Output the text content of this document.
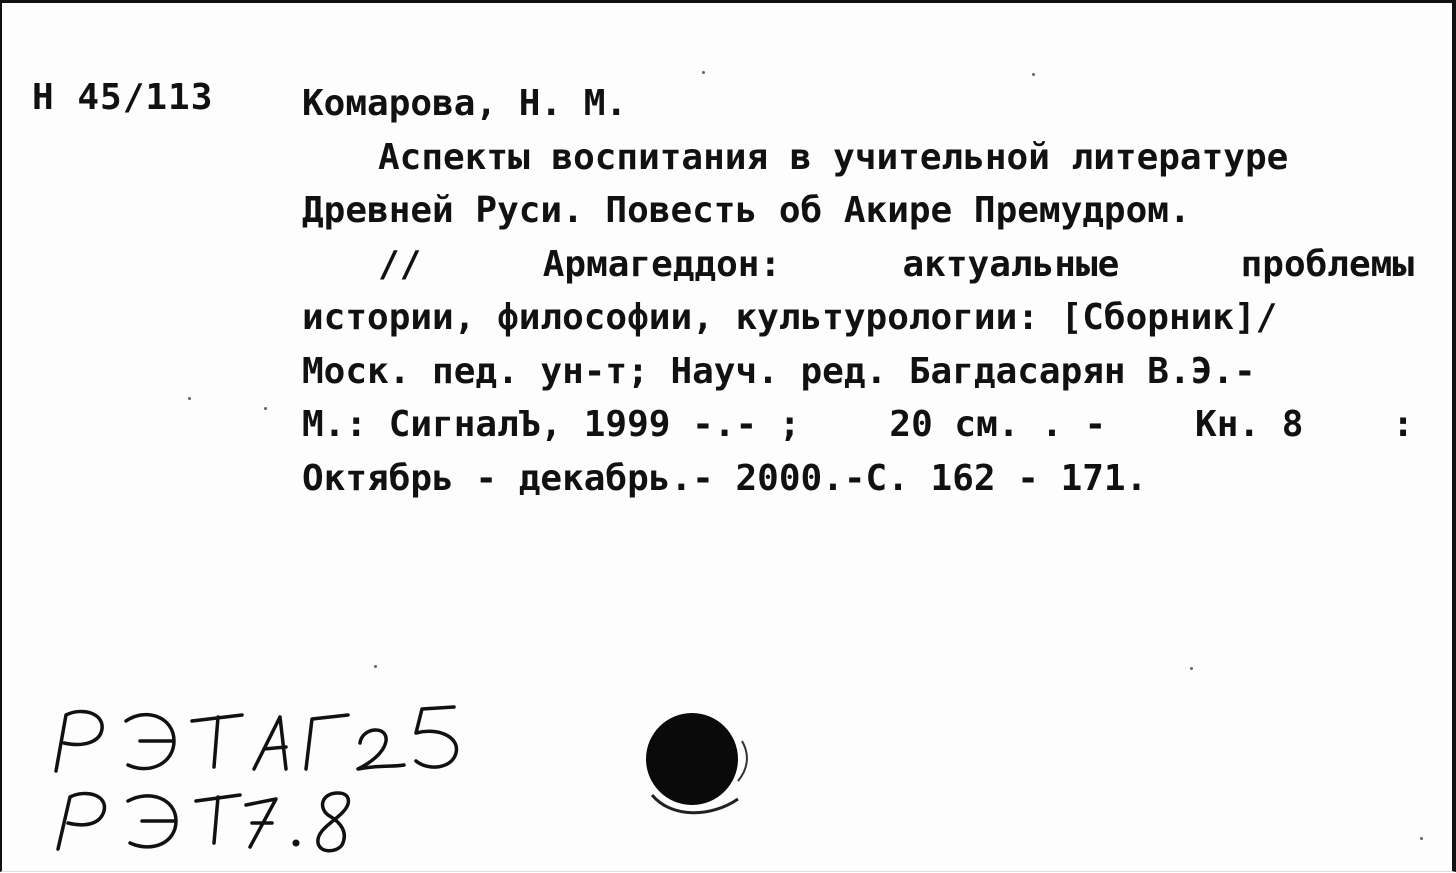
Н 45/113 Комарова, Н. М.
Аспекты воспитания в учительной литературе
Древней Руси. Повесть об Акире Премудром.
//	Армагеддон:	актуальные	проблемы
истории, философии, культурологии: [Сборник]/
Моск. пед. ун-т; Науч. ред. Багдасарян В.Э.-
М.: СигналЪ, 1999 -.- ; 20 см. . - Кн. 8 :
Октябрь - декабрь.- 2000.-С. 162 - 171.
